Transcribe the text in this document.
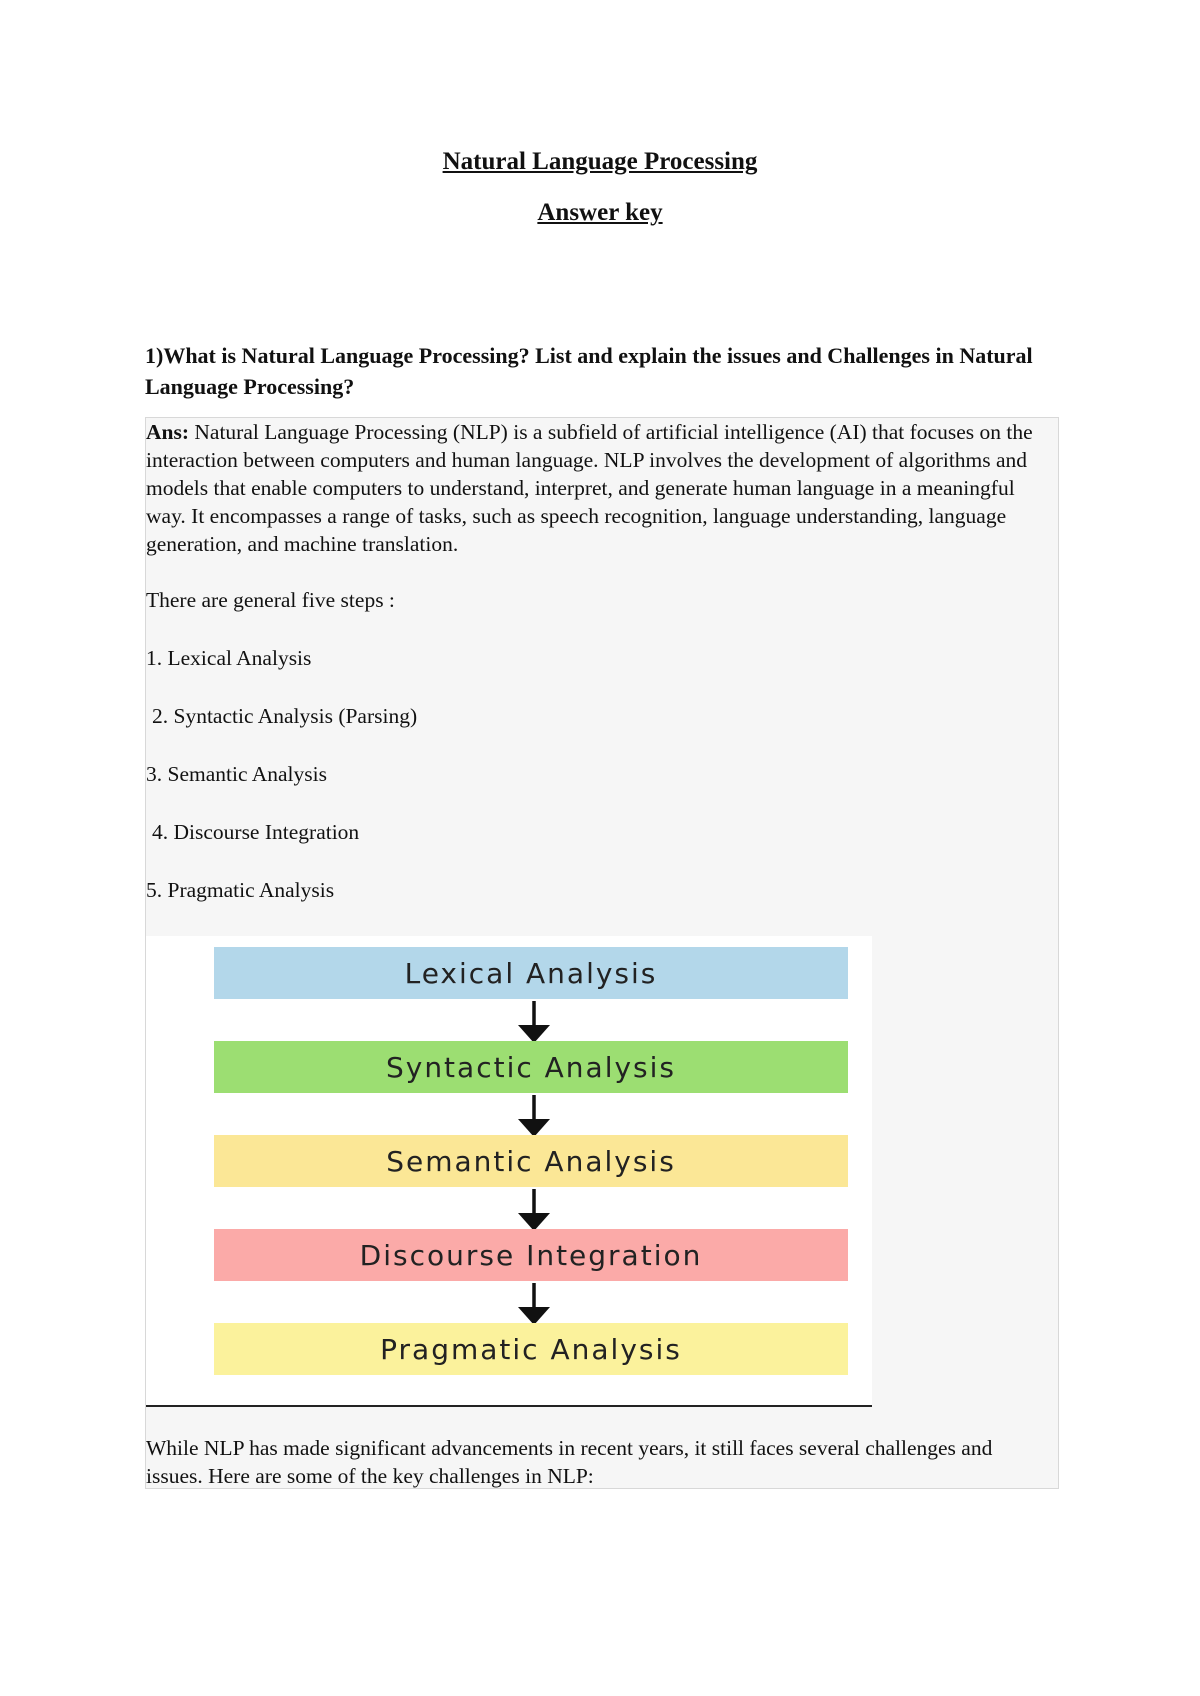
Natural Language Processing
Answer key
1)What is Natural Language Processing? List and explain the issues and Challenges in Natural Language Processing?
Ans: Natural Language Processing (NLP) is a subfield of artificial intelligence (AI) that focuses on the interaction between computers and human language. NLP involves the development of algorithms and models that enable computers to understand, interpret, and generate human language in a meaningful way. It encompasses a range of tasks, such as speech recognition, language understanding, language generation, and machine translation.
There are general five steps :
1. Lexical Analysis
2. Syntactic Analysis (Parsing)
3. Semantic Analysis
4. Discourse Integration
5. Pragmatic Analysis
Lexical Analysis
Syntactic Analysis
Semantic Analysis
Discourse Integration
Pragmatic Analysis
While NLP has made significant advancements in recent years, it still faces several challenges and issues. Here are some of the key challenges in NLP:
